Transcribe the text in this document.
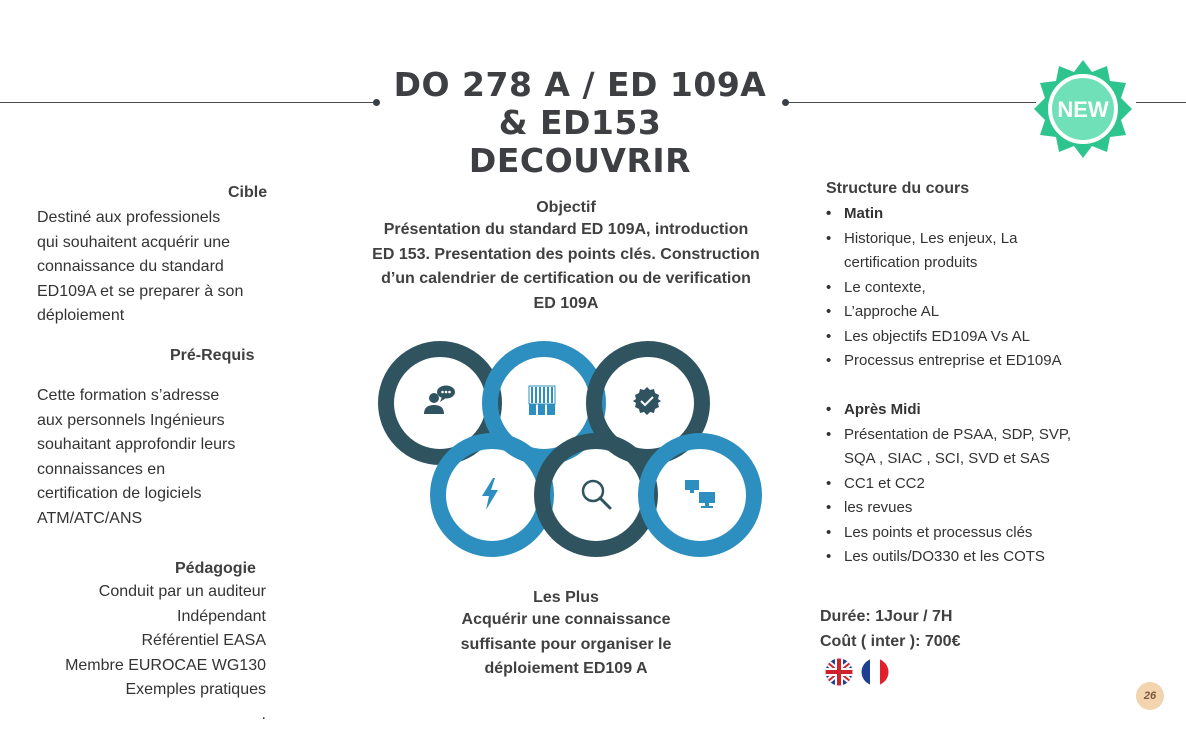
DO 278 A / ED 109A
& ED153
DECOUVRIR
NEW
Cible
Destiné aux professionels
qui souhaitent acquérir une
connaissance du standard
ED109A et se preparer à son
déploiement
Pré-Requis
Cette formation s’adresse
aux personnels Ingénieurs
souhaitant approfondir leurs
connaissances en
certification de logiciels
ATM/ATC/ANS
Pédagogie
Conduit par un auditeur
Indépendant
Référentiel EASA
Membre EUROCAE WG130
Exemples pratiques
.
Objectif
Présentation du standard ED 109A, introduction
ED 153. Presentation des points clés. Construction
d’un calendrier de certification ou de verification
ED 109A
Les Plus
Acquérir une connaissance
suffisante pour organiser le
déploiement ED109 A
Structure du cours
• Matin
• Historique, Les enjeux, La certification produits
• Le contexte,
• L’approche AL
• Les objectifs ED109A Vs AL
• Processus entreprise et ED109A
• Après Midi
• Présentation de PSAA, SDP, SVP, SQA , SIAC , SCI, SVD et SAS
• CC1 et CC2
• les revues
• Les points et processus clés
• Les outils/DO330 et les COTS
Durée: 1Jour / 7H
Coût ( inter ): 700€
26
